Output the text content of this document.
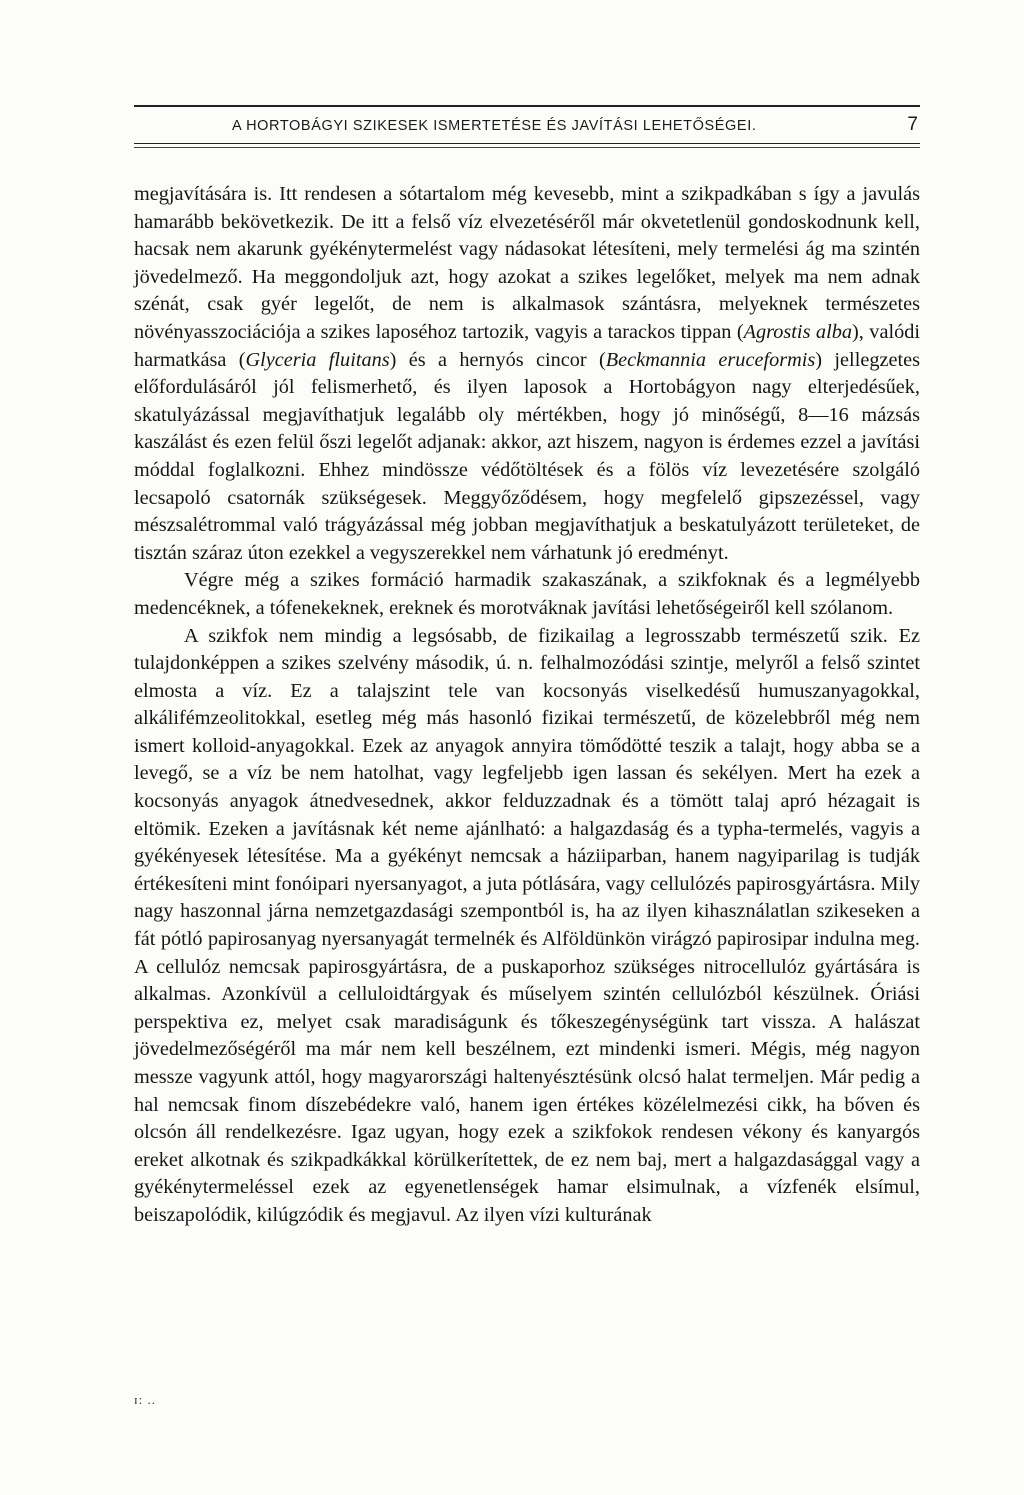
A HORTOBÁGYI SZIKESEK ISMERTETÉSE ÉS JAVÍTÁSI LEHETŐSÉGEI.	7

megjavítására is. Itt rendesen a sótartalom még kevesebb, mint a szikpadkában s így a javulás hamarább bekövetkezik. De itt a felső víz elvezetéséről már okvetetlenül gondoskodnunk kell, hacsak nem akarunk gyékénytermelést vagy nádasokat létesíteni, mely termelési ág ma szintén jövedelmező. Ha meggondoljuk azt, hogy azokat a szikes legelőket, melyek ma nem adnak szénát, csak gyér legelőt, de nem is alkalmasok szántásra, melyeknek természetes növényasszociációja a szikes laposéhoz tartozik, vagyis a tarackos tippan (Agrostis alba), valódi harmatkása (Glyceria fluitans) és a hernyós cincor (Beckmannia eruceformis) jellegzetes előfordulásáról jól felismerhető, és ilyen laposok a Hortobágyon nagy elterjedésűek, skatulyázással megjavíthatjuk legalább oly mértékben, hogy jó minőségű, 8—16 mázsás kaszálást és ezen felül őszi legelőt adjanak: akkor, azt hiszem, nagyon is érdemes ezzel a javítási móddal foglalkozni. Ehhez mindössze védőtöltések és a fölös víz levezetésére szolgáló lecsapoló csatornák szükségesek. Meggyőződésem, hogy megfelelő gipszezéssel, vagy mészsalétrommal való trágyázással még jobban megjavíthatjuk a beskatulyázott területeket, de tisztán száraz úton ezekkel a vegyszerekkel nem várhatunk jó eredményt.

Végre még a szikes formáció harmadik szakaszának, a szikfoknak és a legmélyebb medencéknek, a tófenekeknek, ereknek és morotváknak javítási lehetőségeiről kell szólanom.

A szikfok nem mindig a legsósabb, de fizikailag a legrosszabb természetű szik. Ez tulajdonképpen a szikes szelvény második, ú. n. felhalmozódási szintje, melyről a felső szintet elmosta a víz. Ez a talajszint tele van kocsonyás viselkedésű humuszanyagokkal, alkálifémzeolitokkal, esetleg még más hasonló fizikai természetű, de közelebbről még nem ismert kolloid-anyagokkal. Ezek az anyagok annyira tömődötté teszik a talajt, hogy abba se a levegő, se a víz be nem hatolhat, vagy legfeljebb igen lassan és sekélyen. Mert ha ezek a kocsonyás anyagok átnedvesednek, akkor felduzzadnak és a tömött talaj apró hézagait is eltömik. Ezeken a javításnak két neme ajánlható: a halgazdaság és a typha-termelés, vagyis a gyékényesek létesítése. Ma a gyékényt nemcsak a háziiparban, hanem nagyiparilag is tudják értékesíteni mint fonóipari nyersanyagot, a juta pótlására, vagy cellulózés papirosgyártásra. Mily nagy haszonnal járna nemzetgazdasági szempontból is, ha az ilyen kihasználatlan szikeseken a fát pótló papirosanyag nyersanyagát termelnék és Alföldünkön virágzó papirosipar indulna meg. A cellulóz nemcsak papirosgyártásra, de a puskaporhoz szükséges nitrocellulóz gyártására is alkalmas. Azonkívül a celluloidtárgyak és műselyem szintén cellulózból készülnek. Óriási perspektiva ez, melyet csak maradiságunk és tőkeszegénységünk tart vissza. A halászat jövedelmezőségéről ma már nem kell beszélnem, ezt mindenki ismeri. Mégis, még nagyon messze vagyunk attól, hogy magyarországi haltenyésztésünk olcsó halat termeljen. Már pedig a hal nemcsak finom díszebédekre való, hanem igen értékes közélelmezési cikk, ha bőven és olcsón áll rendelkezésre. Igaz ugyan, hogy ezek a szikfokok rendesen vékony és kanyargós ereket alkotnak és szikpadkákkal körülkerítettek, de ez nem baj, mert a halgazdasággal vagy a gyékénytermeléssel ezek az egyenetlenségek hamar elsimulnak, a vízfenék elsímul, beiszapolódik, kilúgzódik és megjavul. Az ilyen vízi kulturának

ɪ: ..
